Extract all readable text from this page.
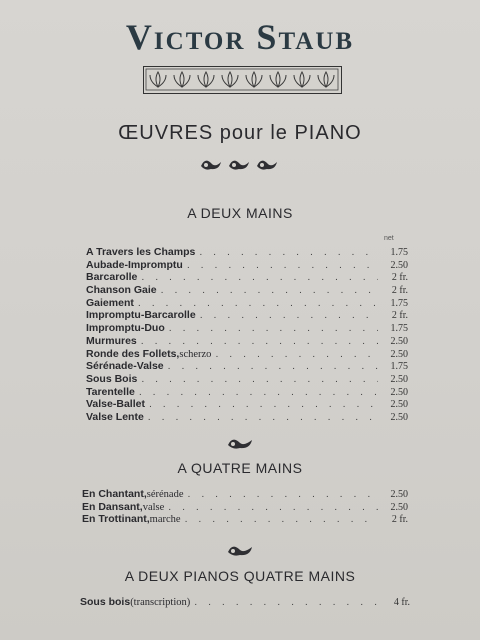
Victor Staub
ŒUVRES pour le PIANO
A DEUX MAINS
net
A Travers les Champs . . .	1.75
Aubade-Impromptu . . .	2.50
Barcarolle . . .	2 fr.
Chanson Gaie . . .	2 fr.
Gaiement . . .	1.75
Impromptu-Barcarolle . . .	2 fr.
Impromptu-Duo . . .	1.75
Murmures . . .	2.50
Ronde des Follets, scherzo . . .	2.50
Sérénade-Valse . . .	1.75
Sous Bois . . .	2.50
Tarentelle . . .	2.50
Valse-Ballet . . .	2.50
Valse Lente . . .	2.50
A QUATRE MAINS
En Chantant, sérénade . . .	2.50
En Dansant, valse . . .	2.50
En Trottinant, marche . . .	2 fr.
A DEUX PIANOS QUATRE MAINS
Sous bois (transcription) . . .	4 fr.
